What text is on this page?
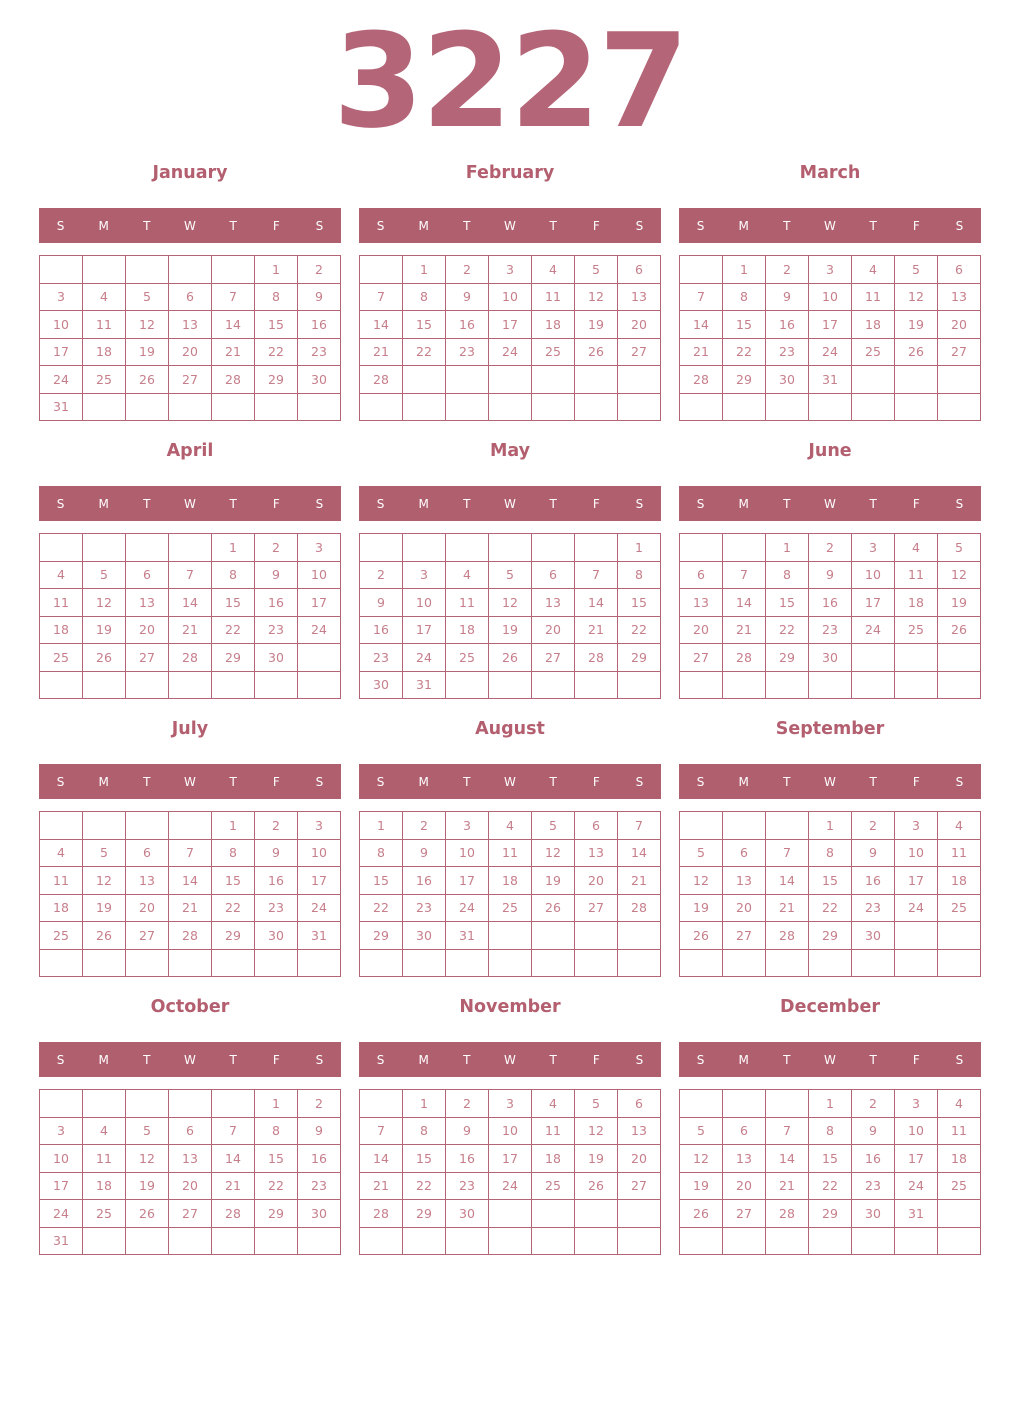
3227
January
S	M	T	W	T	F	S
					1	2
3	4	5	6	7	8	9
10	11	12	13	14	15	16
17	18	19	20	21	22	23
24	25	26	27	28	29	30
31						
February
S	M	T	W	T	F	S
	1	2	3	4	5	6
7	8	9	10	11	12	13
14	15	16	17	18	19	20
21	22	23	24	25	26	27
28						

March
S	M	T	W	T	F	S
	1	2	3	4	5	6
7	8	9	10	11	12	13
14	15	16	17	18	19	20
21	22	23	24	25	26	27
28	29	30	31			

April
S	M	T	W	T	F	S
				1	2	3
4	5	6	7	8	9	10
11	12	13	14	15	16	17
18	19	20	21	22	23	24
25	26	27	28	29	30	

May
S	M	T	W	T	F	S
						1
2	3	4	5	6	7	8
9	10	11	12	13	14	15
16	17	18	19	20	21	22
23	24	25	26	27	28	29
30	31					
June
S	M	T	W	T	F	S
		1	2	3	4	5
6	7	8	9	10	11	12
13	14	15	16	17	18	19
20	21	22	23	24	25	26
27	28	29	30			

July
S	M	T	W	T	F	S
				1	2	3
4	5	6	7	8	9	10
11	12	13	14	15	16	17
18	19	20	21	22	23	24
25	26	27	28	29	30	31

August
S	M	T	W	T	F	S
1	2	3	4	5	6	7
8	9	10	11	12	13	14
15	16	17	18	19	20	21
22	23	24	25	26	27	28
29	30	31				

September
S	M	T	W	T	F	S
			1	2	3	4
5	6	7	8	9	10	11
12	13	14	15	16	17	18
19	20	21	22	23	24	25
26	27	28	29	30		

October
S	M	T	W	T	F	S
					1	2
3	4	5	6	7	8	9
10	11	12	13	14	15	16
17	18	19	20	21	22	23
24	25	26	27	28	29	30
31						
November
S	M	T	W	T	F	S
	1	2	3	4	5	6
7	8	9	10	11	12	13
14	15	16	17	18	19	20
21	22	23	24	25	26	27
28	29	30				

December
S	M	T	W	T	F	S
			1	2	3	4
5	6	7	8	9	10	11
12	13	14	15	16	17	18
19	20	21	22	23	24	25
26	27	28	29	30	31	
